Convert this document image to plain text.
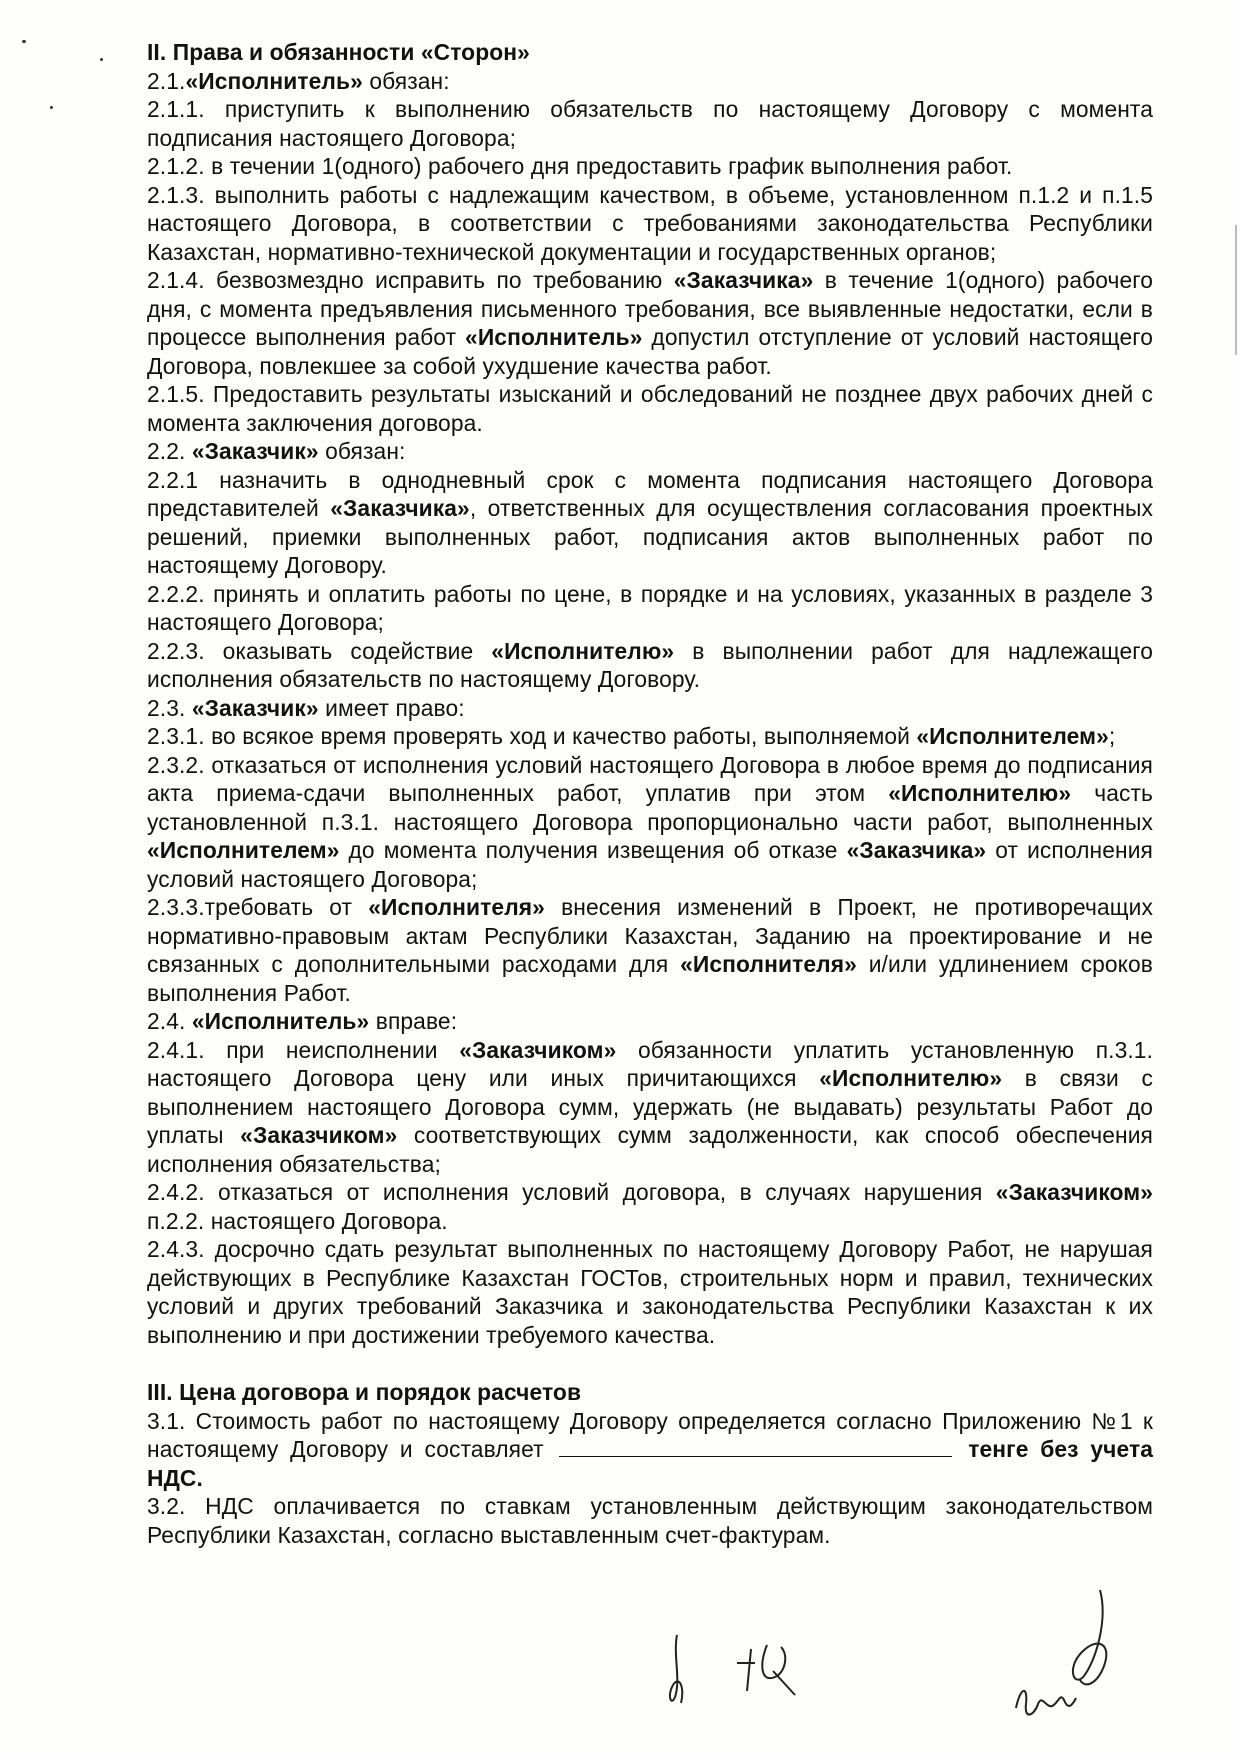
II. Права и обязанности «Сторон»
2.1.«Исполнитель» обязан:
2.1.1. приступить к выполнению обязательств по настоящему Договору с момента подписания настоящего Договора;
2.1.2. в течении 1(одного) рабочего дня предоставить график выполнения работ.
2.1.3. выполнить работы с надлежащим качеством, в объеме, установленном п.1.2 и п.1.5 настоящего Договора, в соответствии с требованиями законодательства Республики Казахстан, нормативно-технической документации и государственных органов;
2.1.4. безвозмездно исправить по требованию «Заказчика» в течение 1(одного) рабочего дня, с момента предъявления письменного требования, все выявленные недостатки, если в процессе выполнения работ «Исполнитель» допустил отступление от условий настоящего Договора, повлекшее за собой ухудшение качества работ.
2.1.5. Предоставить результаты изысканий и обследований не позднее двух рабочих дней с момента заключения договора.
2.2. «Заказчик» обязан:
2.2.1 назначить в однодневный срок с момента подписания настоящего Договора представителей «Заказчика», ответственных для осуществления согласования проектных решений, приемки выполненных работ, подписания актов выполненных работ по настоящему Договору.
2.2.2. принять и оплатить работы по цене, в порядке и на условиях, указанных в разделе 3 настоящего Договора;
2.2.3. оказывать содействие «Исполнителю» в выполнении работ для надлежащего исполнения обязательств по настоящему Договору.
2.3. «Заказчик» имеет право:
2.3.1. во всякое время проверять ход и качество работы, выполняемой «Исполнителем»;
2.3.2. отказаться от исполнения условий настоящего Договора в любое время до подписания акта приема-сдачи выполненных работ, уплатив при этом «Исполнителю» часть установленной п.3.1. настоящего Договора пропорционально части работ, выполненных «Исполнителем» до момента получения извещения об отказе «Заказчика» от исполнения условий настоящего Договора;
2.3.3.требовать от «Исполнителя» внесения изменений в Проект, не противоречащих нормативно-правовым актам Республики Казахстан, Заданию на проектирование и не связанных с дополнительными расходами для «Исполнителя» и/или удлинением сроков выполнения Работ.
2.4. «Исполнитель» вправе:
2.4.1. при неисполнении «Заказчиком» обязанности уплатить установленную п.3.1. настоящего Договора цену или иных причитающихся «Исполнителю» в связи с выполнением настоящего Договора сумм, удержать (не выдавать) результаты Работ до уплаты «Заказчиком» соответствующих сумм задолженности, как способ обеспечения исполнения обязательства;
2.4.2. отказаться от исполнения условий договора, в случаях нарушения «Заказчиком» п.2.2. настоящего Договора.
2.4.3. досрочно сдать результат выполненных по настоящему Договору Работ, не нарушая действующих в Республике Казахстан ГОСТов, строительных норм и правил, технических условий и других требований Заказчика и законодательства Республики Казахстан к их выполнению и при достижении требуемого качества.
III. Цена договора и порядок расчетов
3.1. Стоимость работ по настоящему Договору определяется согласно Приложению №1 к настоящему Договору и составляет	тенге без учета НДС.
3.2. НДС оплачивается по ставкам установленным действующим законодательством Республики Казахстан, согласно выставленным счет-фактурам.
